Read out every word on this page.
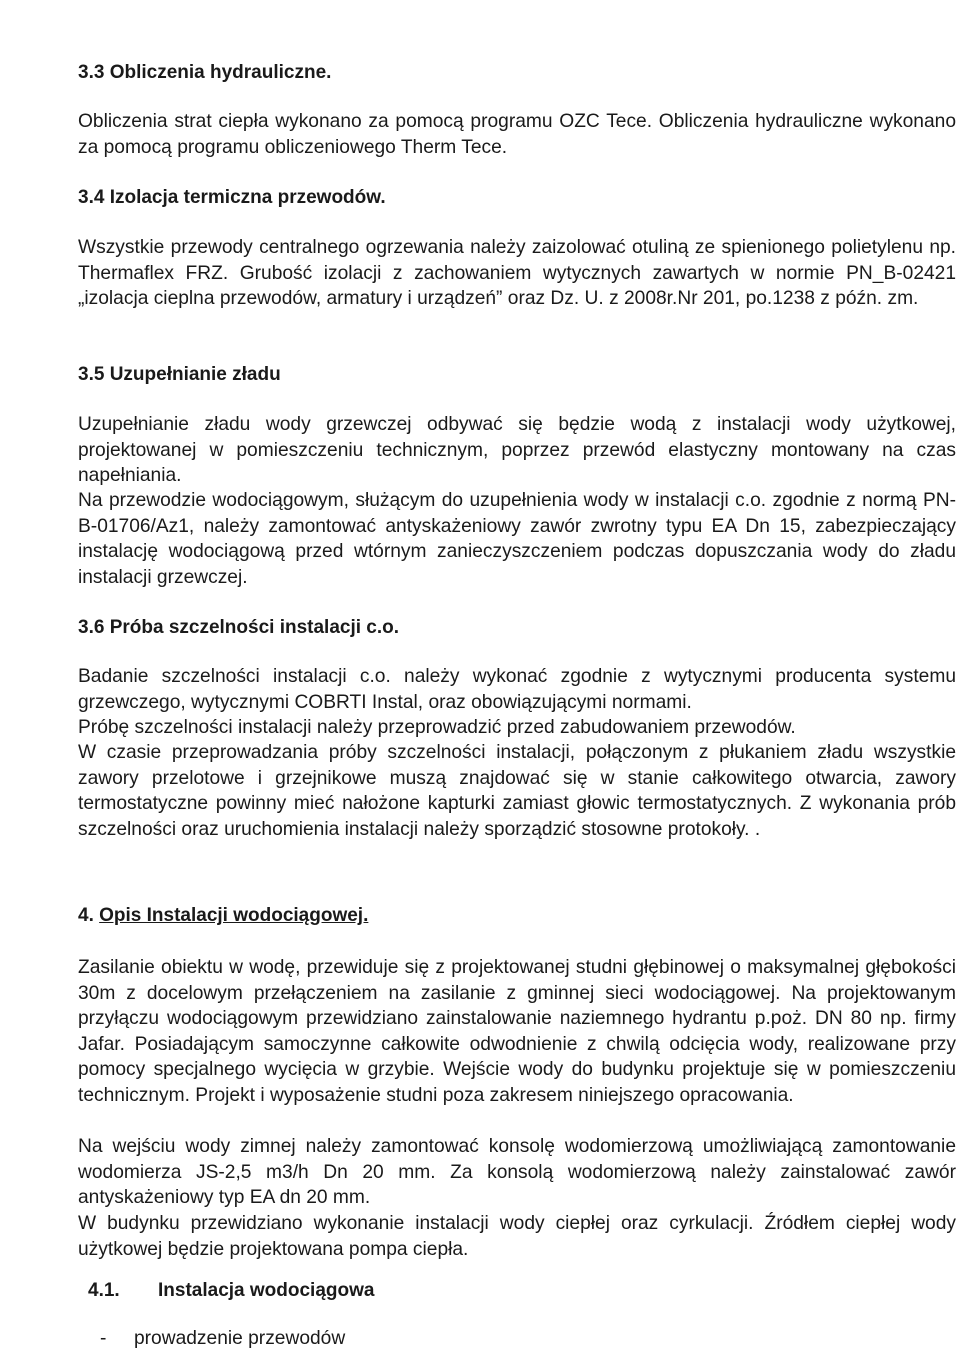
3.3 Obliczenia hydrauliczne.
Obliczenia strat ciepła wykonano za pomocą programu OZC Tece. Obliczenia hydrauliczne wykonano za pomocą programu obliczeniowego Therm Tece.
3.4 Izolacja termiczna przewodów.
Wszystkie przewody centralnego ogrzewania należy zaizolować otuliną ze spienionego polietylenu np. Thermaflex FRZ. Grubość izolacji z zachowaniem wytycznych zawartych w normie PN_B-02421 „izolacja cieplna przewodów, armatury i urządzeń” oraz Dz. U. z 2008r.Nr 201, po.1238 z późn. zm.
3.5 Uzupełnianie zładu
Uzupełnianie zładu wody grzewczej odbywać się będzie wodą z instalacji wody użytkowej, projektowanej w pomieszczeniu technicznym, poprzez przewód elastyczny montowany na czas napełniania.
Na przewodzie wodociągowym, służącym do uzupełnienia wody w instalacji c.o. zgodnie z normą PN-B-01706/Az1, należy zamontować antyskażeniowy zawór zwrotny typu EA Dn 15, zabezpieczający instalację wodociągową przed wtórnym zanieczyszczeniem podczas dopuszczania wody do zładu instalacji grzewczej.
3.6 Próba szczelności instalacji c.o.
Badanie szczelności instalacji c.o. należy wykonać zgodnie z wytycznymi producenta systemu grzewczego, wytycznymi COBRTI Instal, oraz obowiązującymi normami.
Próbę szczelności instalacji należy przeprowadzić przed zabudowaniem przewodów.
W czasie przeprowadzania próby szczelności instalacji, połączonym z płukaniem zładu wszystkie zawory przelotowe i grzejnikowe muszą znajdować się w stanie całkowitego otwarcia, zawory termostatyczne powinny mieć nałożone kapturki zamiast głowic termostatycznych. Z wykonania prób szczelności oraz uruchomienia instalacji należy sporządzić stosowne protokoły. .
4. Opis Instalacji wodociągowej.
Zasilanie obiektu w wodę, przewiduje się z projektowanej studni głębinowej o maksymalnej głębokości 30m z docelowym przełączeniem na zasilanie z gminnej sieci wodociągowej. Na projektowanym przyłączu wodociągowym przewidziano zainstalowanie naziemnego hydrantu p.poż. DN 80 np. firmy Jafar. Posiadającym samoczynne całkowite odwodnienie z chwilą odcięcia wody, realizowane przy pomocy specjalnego wycięcia w grzybie. Wejście wody do budynku projektuje się w pomieszczeniu technicznym. Projekt i wyposażenie studni poza zakresem niniejszego opracowania.
Na wejściu wody zimnej należy zamontować konsolę wodomierzową umożliwiającą zamontowanie wodomierza JS-2,5 m3/h Dn 20 mm. Za konsolą wodomierzową należy zainstalować zawór antyskażeniowy typ EA dn 20 mm.
W budynku przewidziano wykonanie instalacji wody ciepłej oraz cyrkulacji. Źródłem ciepłej wody użytkowej będzie projektowana pompa ciepła.
4.1. Instalacja wodociągowa
- prowadzenie przewodów
